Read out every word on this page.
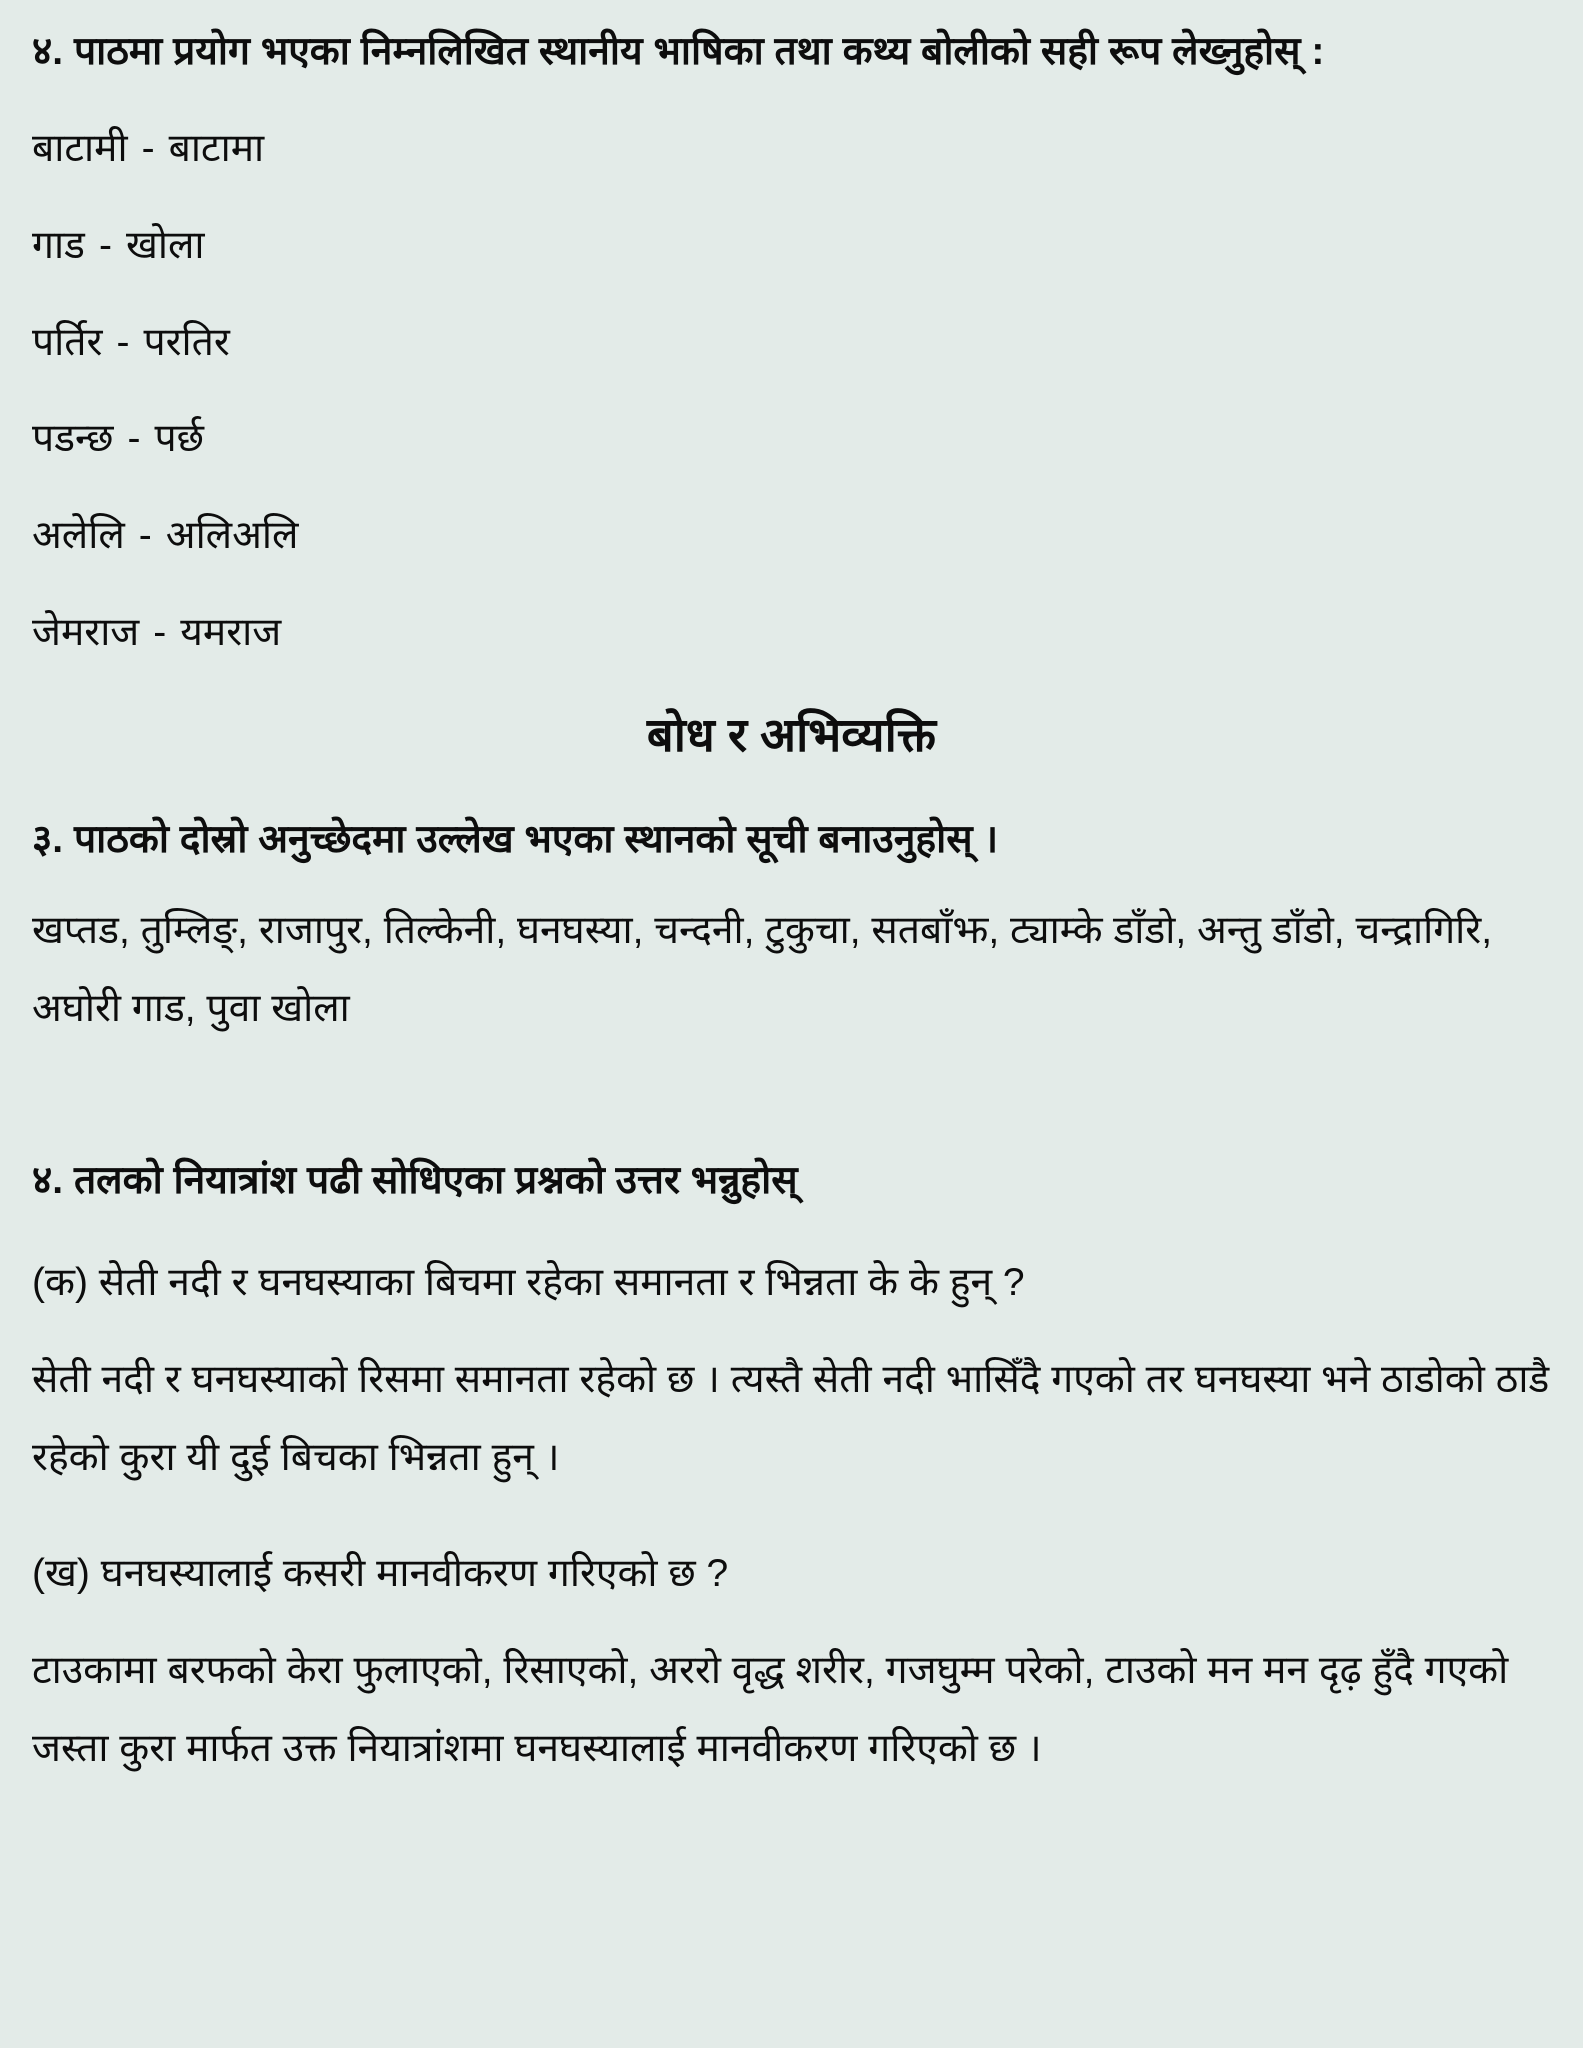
४. पाठमा प्रयोग भएका निम्नलिखित स्थानीय भाषिका तथा कथ्य बोलीको सही रूप लेख्नुहोस् :

बाटामी - बाटामा

गाड - खोला

पर्तिर - परतिर

पडन्छ - पर्छ

अलेलि - अलिअलि

जेमराज - यमराज

बोध र अभिव्यक्ति

३. पाठको दोस्रो अनुच्छेदमा उल्लेख भएका स्थानको सूची बनाउनुहोस् ।

खप्तड, तुम्लिङ्, राजापुर, तिल्केनी, घनघस्या, चन्दनी, टुकुचा, सतबाँझ, ट्याम्के डाँडो, अन्तु डाँडो, चन्द्रागिरि, अघोरी गाड, पुवा खोला

४. तलको नियात्रांश पढी सोधिएका प्रश्नको उत्तर भन्नुहोस्

(क) सेती नदी र घनघस्याका बिचमा रहेका समानता र भिन्नता के के हुन् ?

सेती नदी र घनघस्याको रिसमा समानता रहेको छ । त्यस्तै सेती नदी भासिँदै गएको तर घनघस्या भने ठाडोको ठाडै रहेको कुरा यी दुई बिचका भिन्नता हुन् ।

(ख) घनघस्यालाई कसरी मानवीकरण गरिएको छ ?

टाउकामा बरफको केरा फुलाएको, रिसाएको, अररो वृद्ध शरीर, गजघुम्म परेको, टाउको मन मन दृढ़ हुँदै गएको जस्ता कुरा मार्फत उक्त नियात्रांशमा घनघस्यालाई मानवीकरण गरिएको छ ।
